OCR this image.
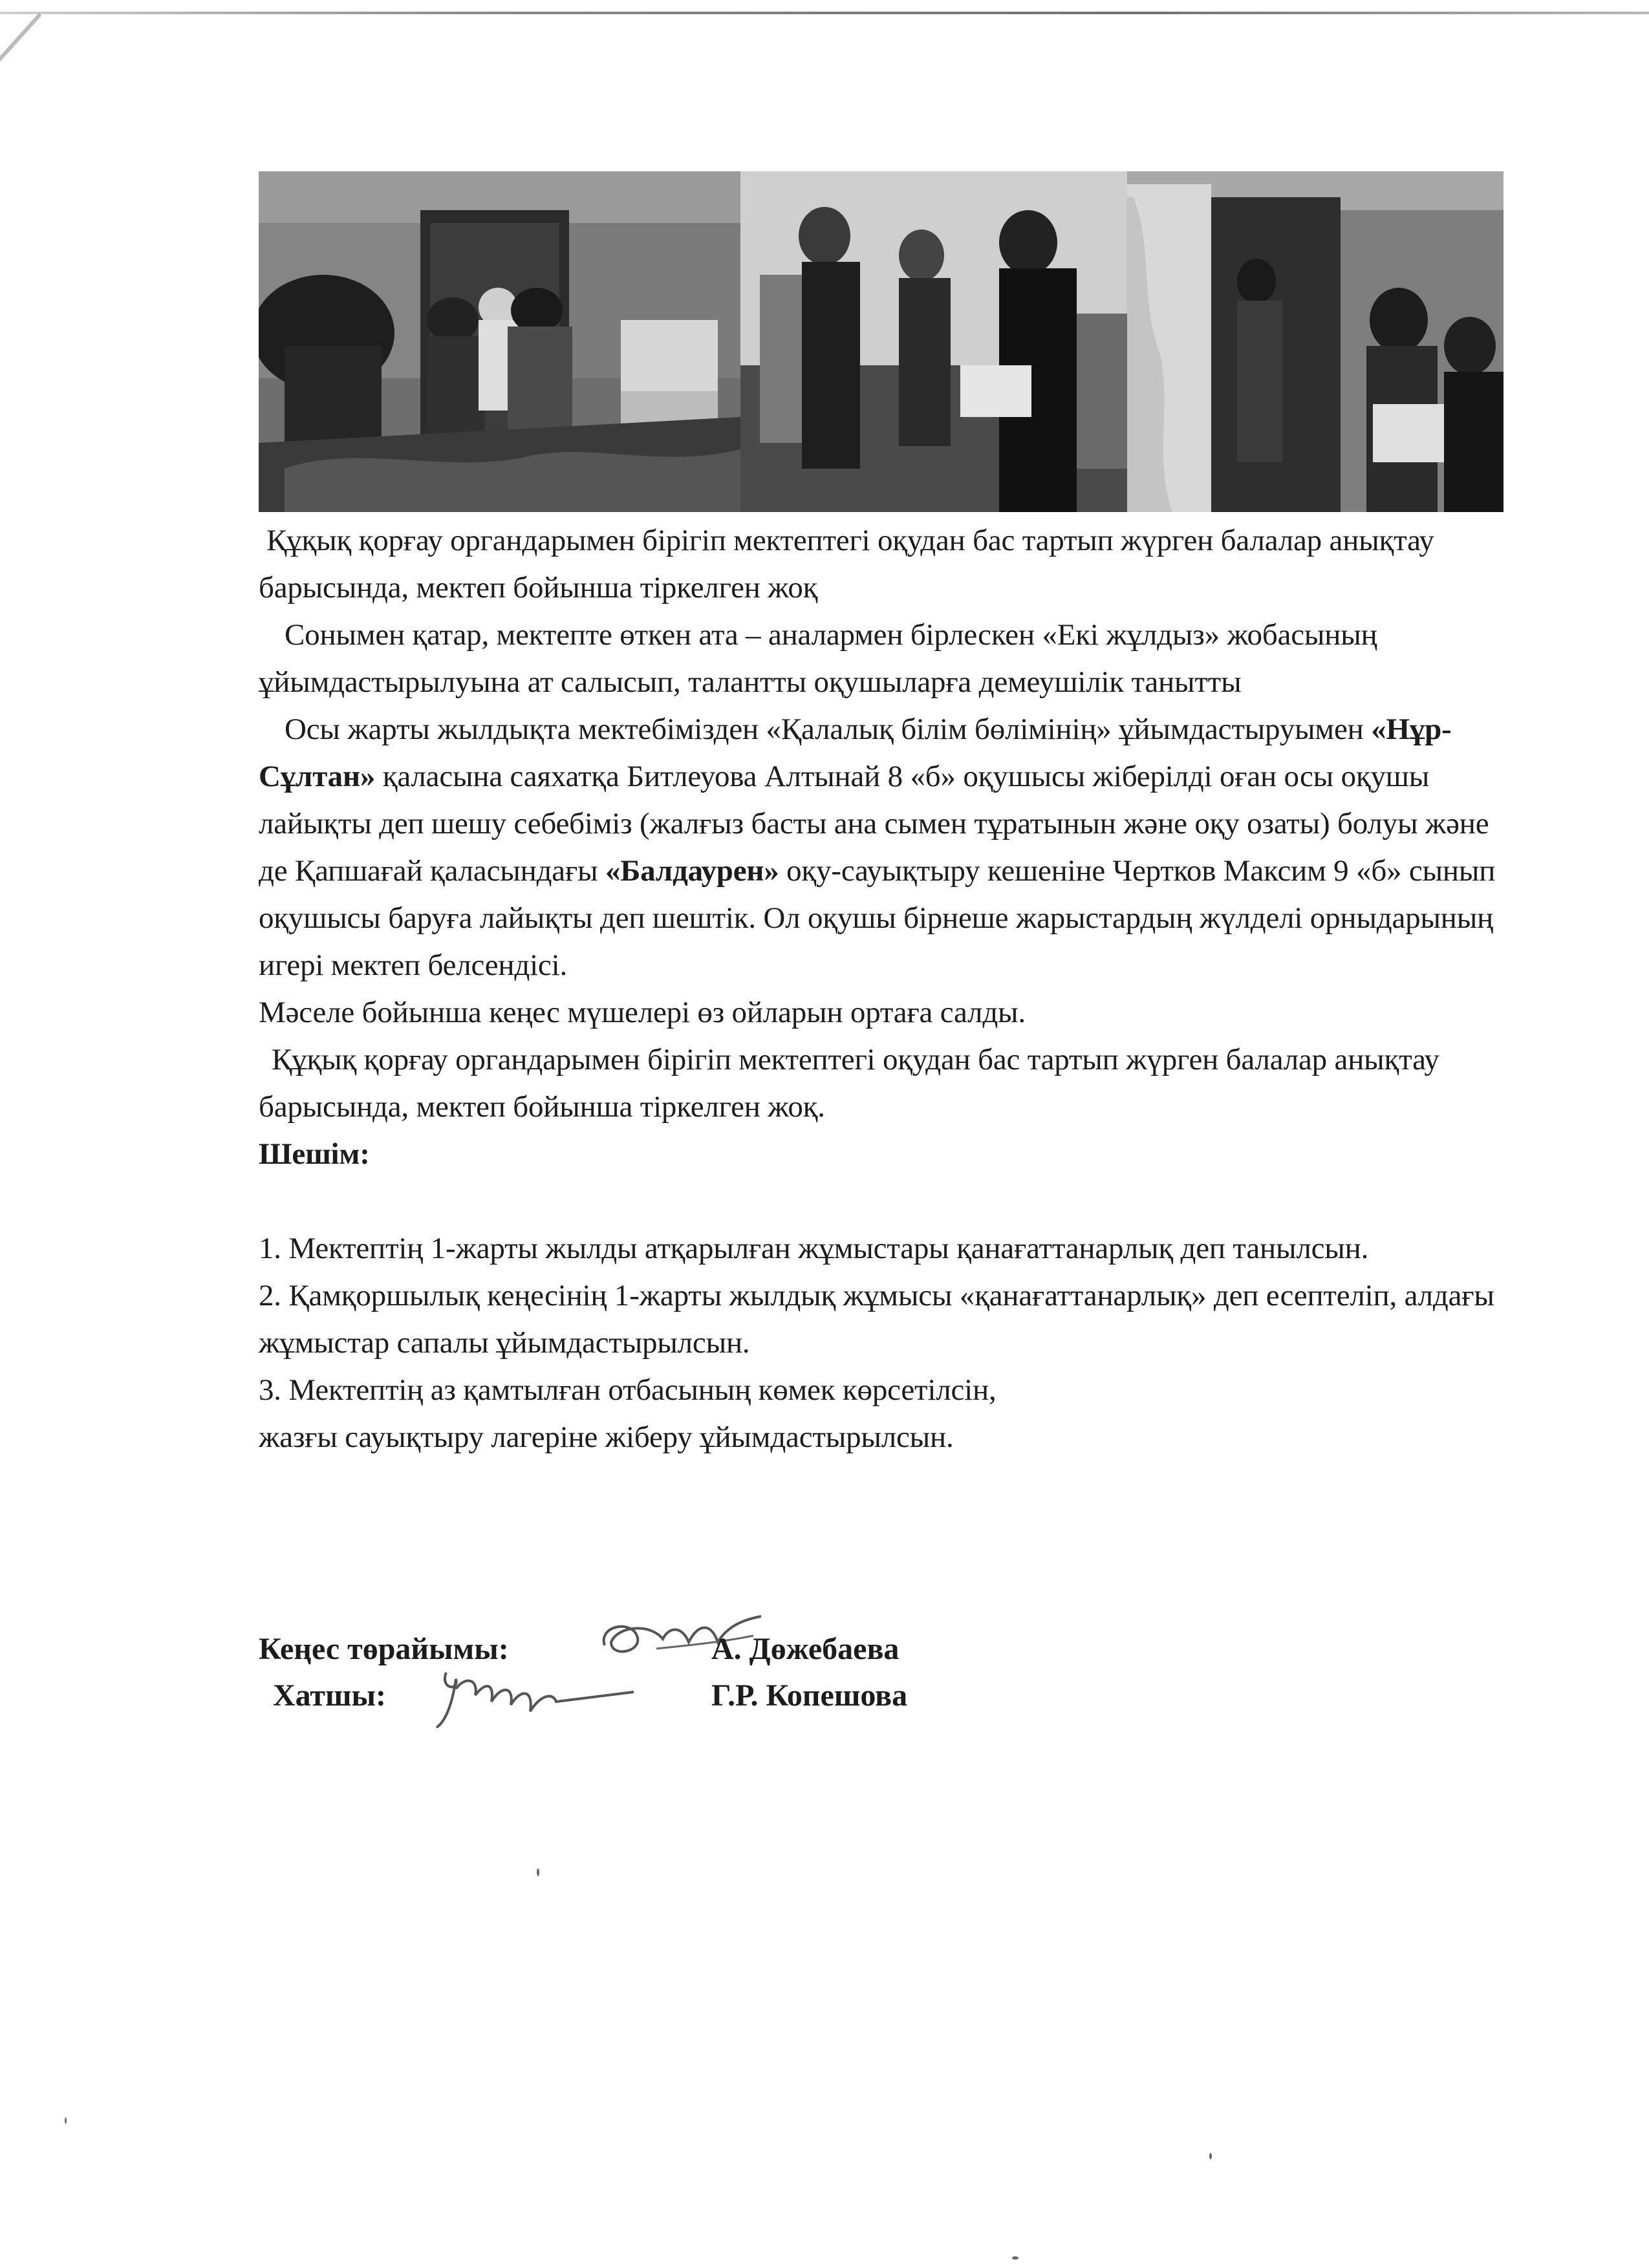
Құқық қорғау органдарымен бірігіп мектептегі оқудан бас тартып жүрген балалар анықтау барысында, мектеп бойынша тіркелген жоқ

Сонымен қатар, мектепте өткен ата – аналармен бірлескен «Екі жұлдыз» жобасының ұйымдастырылуына ат салысып, талантты оқушыларға демеушілік танытты

Осы жарты жылдықта мектебімізден «Қалалық білім бөлімінің» ұйымдастыруымен «Нұр-Сұлтан» қаласына саяхатқа Битлеуова Алтынай 8 «б» оқушысы жіберілді оған осы оқушы лайықты деп шешу себебіміз (жалғыз басты ана сымен тұратынын және оқу озаты) болуы және де Қапшағай қаласындағы «Балдаурен» оқу-сауықтыру кешеніне Чертков Максим 9 «б» сынып оқушысы баруға лайықты деп шештік. Ол оқушы бірнеше жарыстардың жүлделі орныдарының игері мектеп белсендісі.

Мәселе бойынша кеңес мүшелері өз ойларын ортаға салды.

Құқық қорғау органдарымен бірігіп мектептегі оқудан бас тартып жүрген балалар анықтау барысында, мектеп бойынша тіркелген жоқ.

Шешім:

1. Мектептің 1-жарты жылды атқарылған жұмыстары қанағаттанарлық деп танылсын.

2. Қамқоршылық кеңесінің 1-жарты жылдық жұмысы «қанағаттанарлық» деп есептеліп, алдағы жұмыстар сапалы ұйымдастырылсын.

3. Мектептің аз қамтылған отбасының көмек көрсетілсін,

жазғы сауықтыру лагеріне жіберу ұйымдастырылсын.

Кеңес төрайымы:	А. Дөжебаева
Хатшы:	Г.Р. Копешова
